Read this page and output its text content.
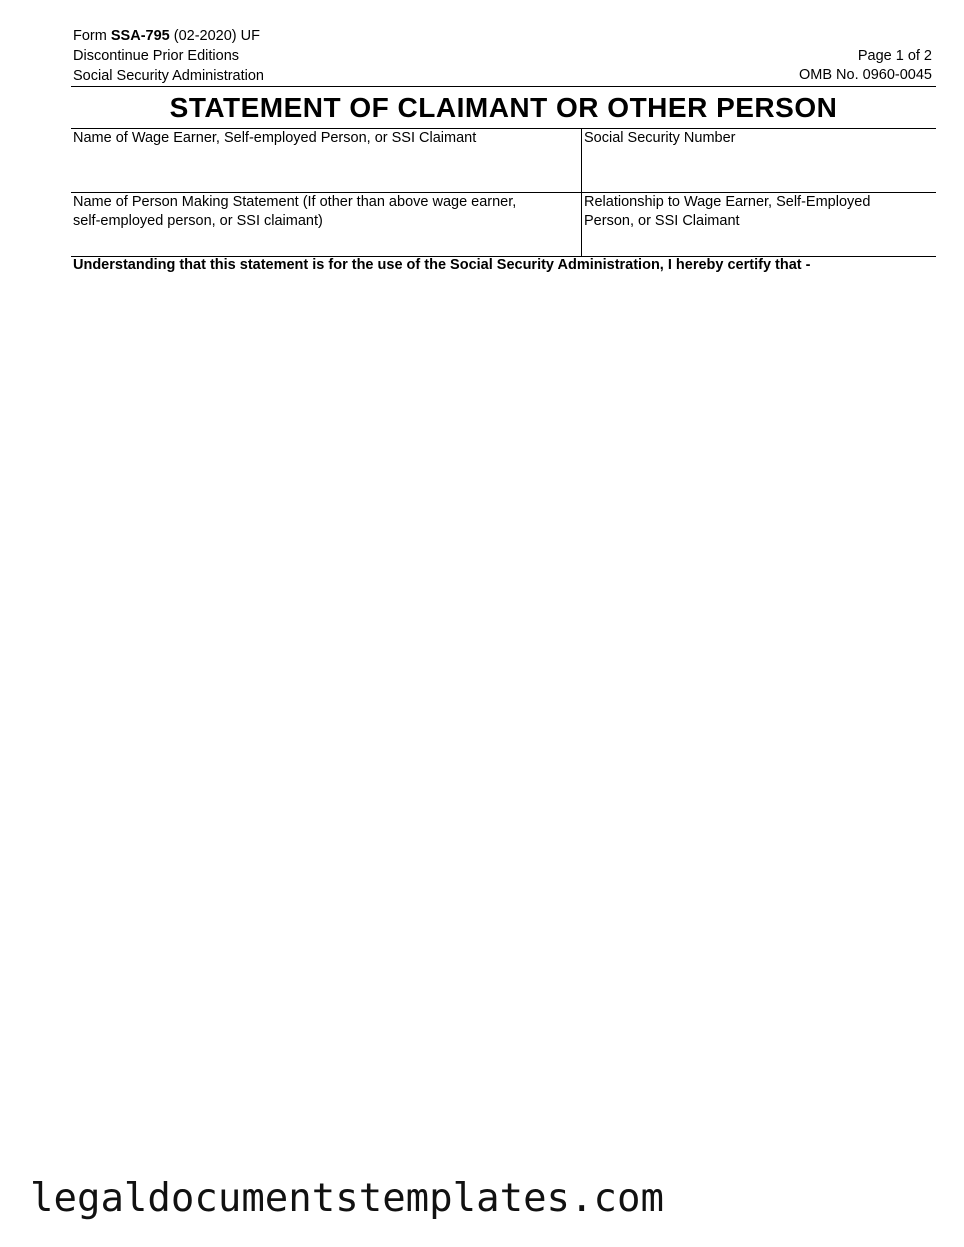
Form SSA-795 (02-2020) UF
Discontinue Prior Editions
Social Security Administration
Page 1 of 2
OMB No. 0960-0045
STATEMENT OF CLAIMANT OR OTHER PERSON
Name of Wage Earner, Self-employed Person, or SSI Claimant	Social Security Number
Name of Person Making Statement (If other than above wage earner,
self-employed person, or SSI claimant)
Relationship to Wage Earner, Self-Employed
Person, or SSI Claimant
Understanding that this statement is for the use of the Social Security Administration, I hereby certify that -
legaldocumentstemplates.com
